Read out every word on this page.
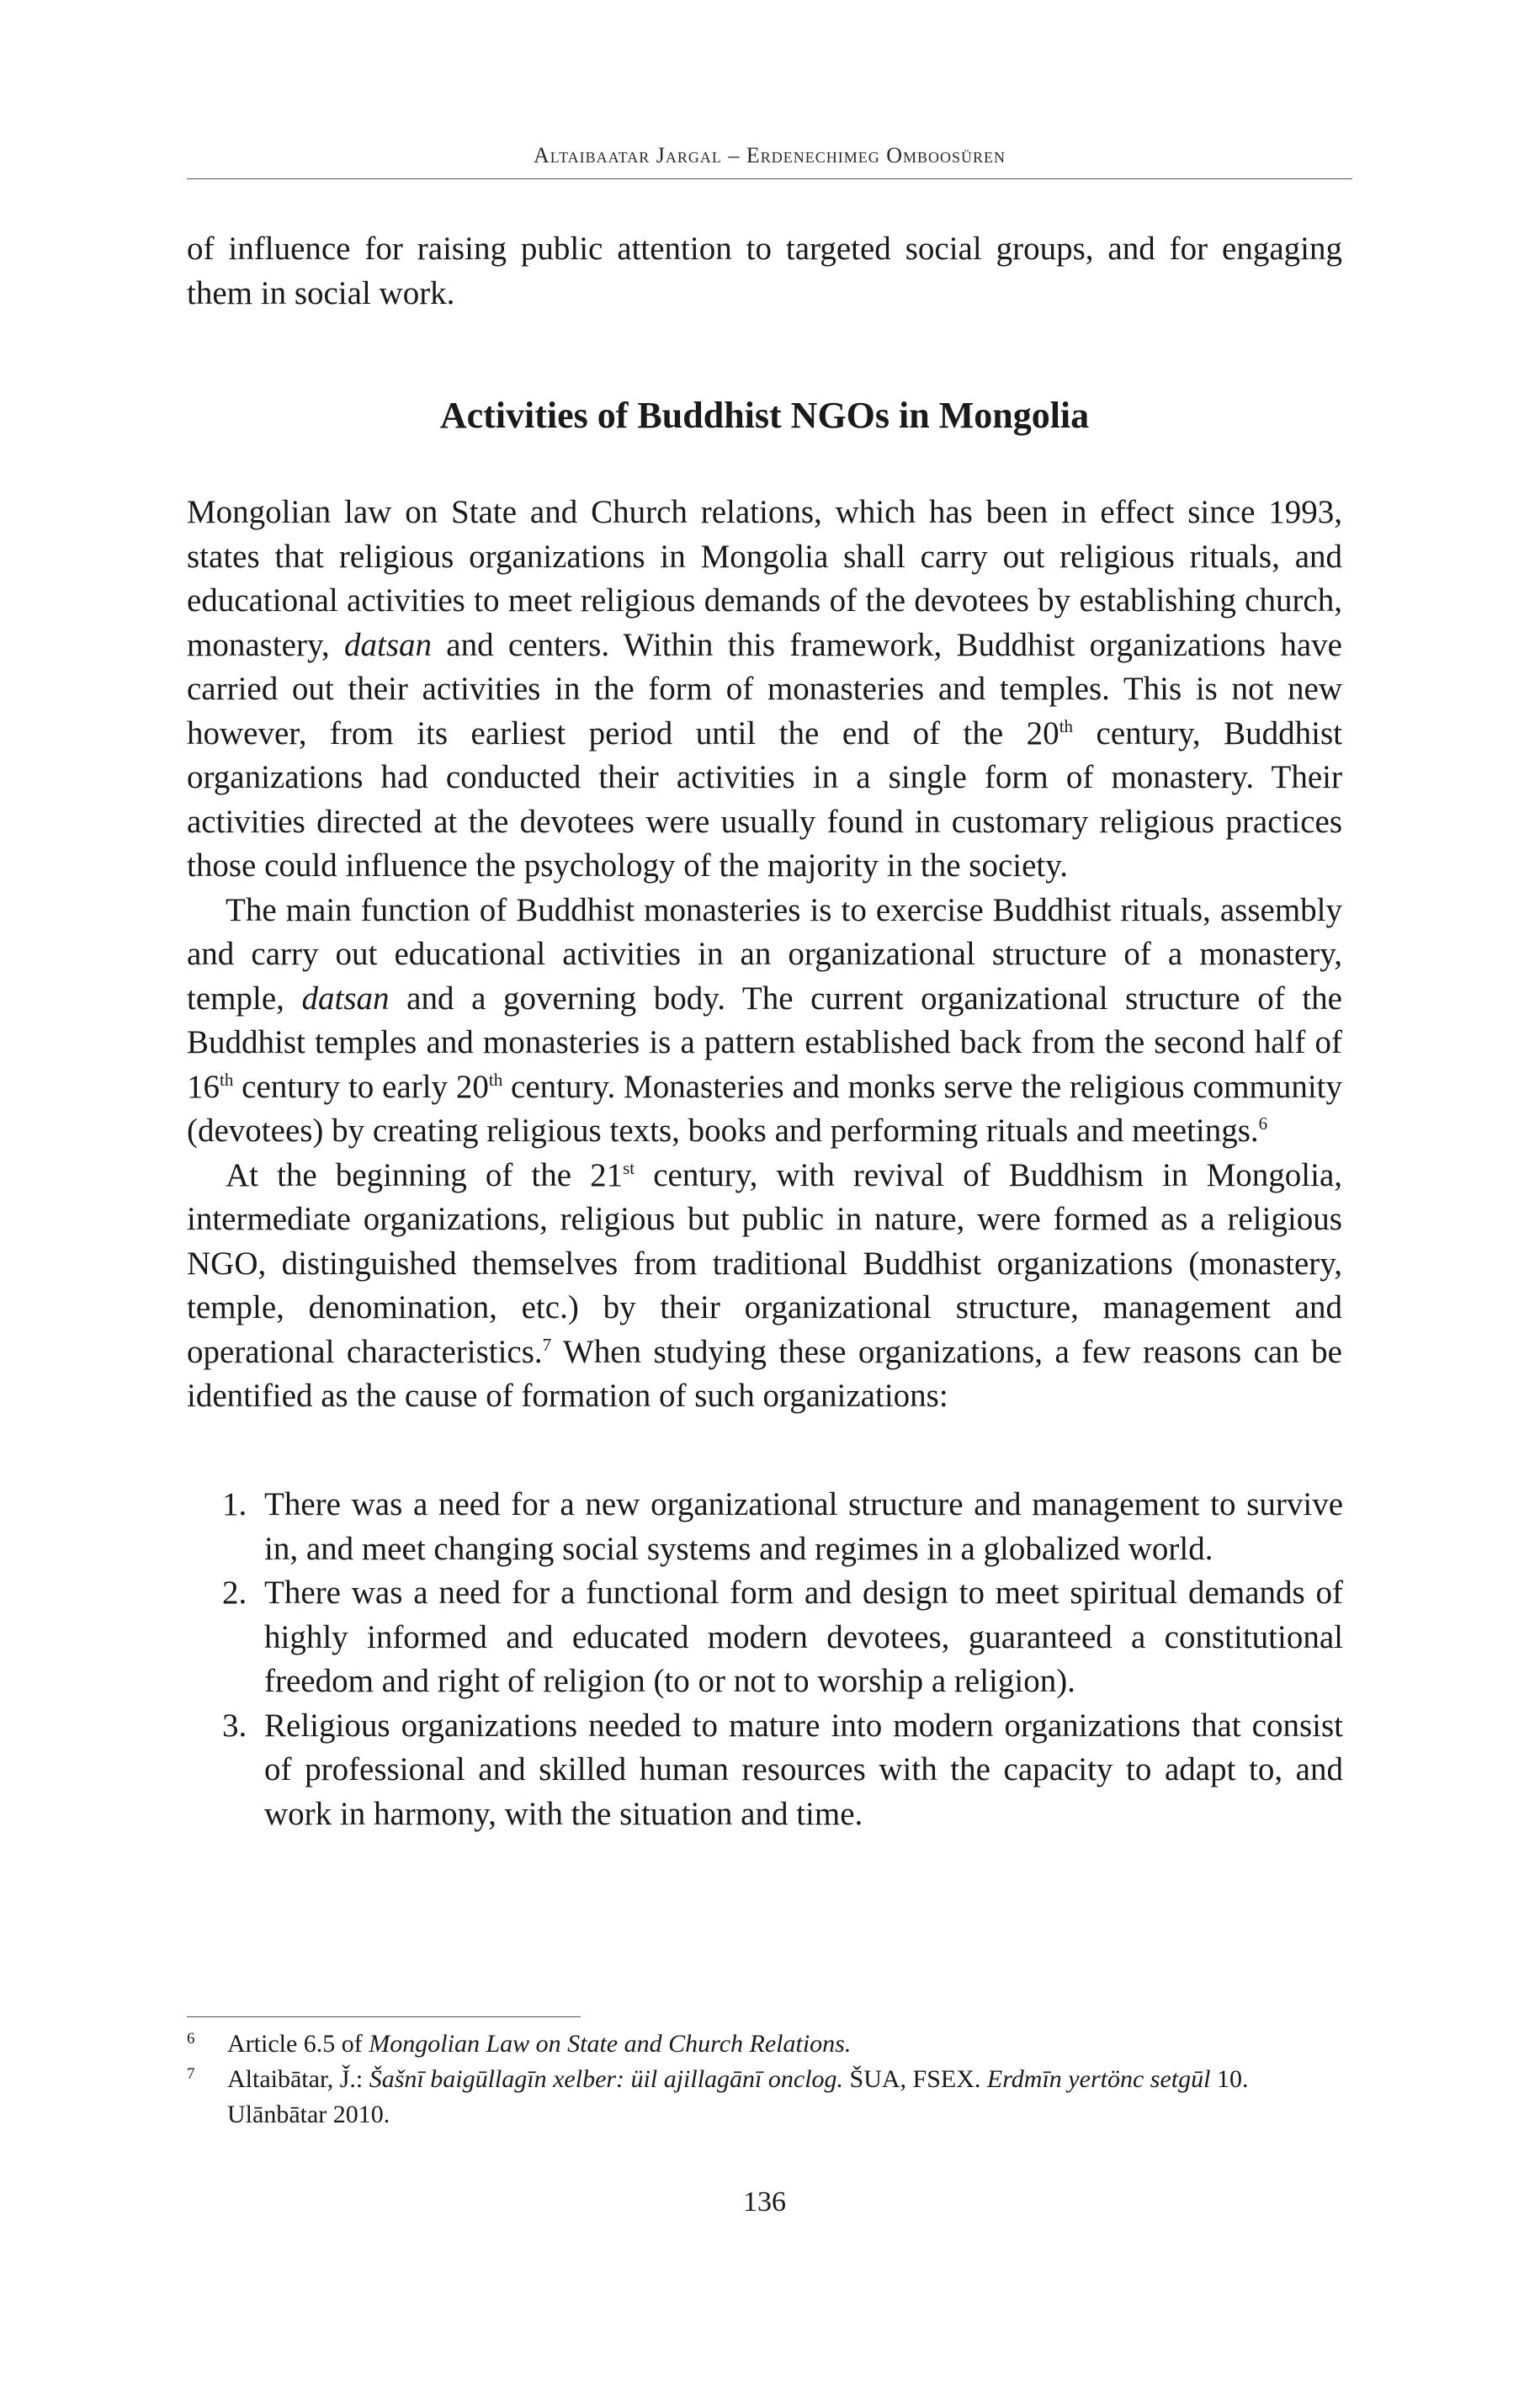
Altaibaatar Jargal – Erdenechimeg Omboosüren

of influence for raising public attention to targeted social groups, and for engaging them in social work.

Activities of Buddhist NGOs in Mongolia

Mongolian law on State and Church relations, which has been in effect since 1993, states that religious organizations in Mongolia shall carry out religious rituals, and educational activities to meet religious demands of the devotees by establishing church, monastery, datsan and centers. Within this framework, Buddhist organizations have carried out their activities in the form of monasteries and temples. This is not new however, from its earliest period until the end of the 20th century, Buddhist organizations had conducted their activities in a single form of monastery. Their activities directed at the devotees were usually found in customary religious practices those could influence the psychology of the majority in the society.

The main function of Buddhist monasteries is to exercise Buddhist rituals, assembly and carry out educational activities in an organizational structure of a monastery, temple, datsan and a governing body. The current organizational structure of the Buddhist temples and monasteries is a pattern established back from the second half of 16th century to early 20th century. Monasteries and monks serve the religious community (devotees) by creating religious texts, books and performing rituals and meetings.$^6$

At the beginning of the 21st century, with revival of Buddhism in Mongolia, intermediate organizations, religious but public in nature, were formed as a religious NGO, distinguished themselves from traditional Buddhist organizations (monastery, temple, denomination, etc.) by their organizational structure, management and operational characteristics.$^7$ When studying these organizations, a few reasons can be identified as the cause of formation of such organizations:

1. There was a need for a new organizational structure and management to survive in, and meet changing social systems and regimes in a globalized world.
2. There was a need for a functional form and design to meet spiritual demands of highly informed and educated modern devotees, guaranteed a constitutional freedom and right of religion (to or not to worship a religion).
3. Religious organizations needed to mature into modern organizations that consist of professional and skilled human resources with the capacity to adapt to, and work in harmony, with the situation and time.
6 Article 6.5 of Mongolian Law on State and Church Relations.
7 Altaibātar, J̌.: Šašnī baigūllagīn xelber: üil ajillagānī onclog. ŠUA, FSEX. Erdmīn yertönc setgūl 10. Ulānbātar 2010.
136
